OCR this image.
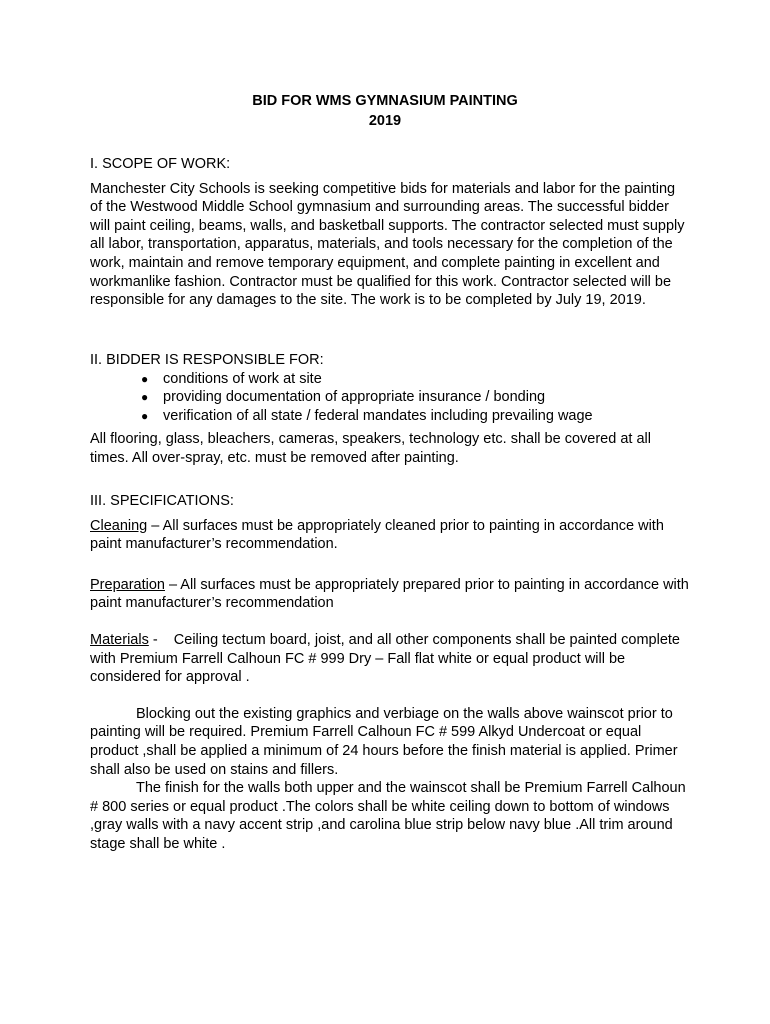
BID FOR WMS GYMNASIUM PAINTING
2019
I. SCOPE OF WORK:

Manchester City Schools is seeking competitive bids for materials and labor for the painting of the Westwood Middle School gymnasium and surrounding areas. The successful bidder will paint ceiling, beams, walls, and basketball supports. The contractor selected must supply all labor, transportation, apparatus, materials, and tools necessary for the completion of the work, maintain and remove temporary equipment, and complete painting in excellent and workmanlike fashion. Contractor must be qualified for this work. Contractor selected will be responsible for any damages to the site. The work is to be completed by July 19, 2019.

II. BIDDER IS RESPONSIBLE FOR:
● conditions of work at site
● providing documentation of appropriate insurance / bonding
● verification of all state / federal mandates including prevailing wage

All flooring, glass, bleachers, cameras, speakers, technology etc. shall be covered at all times. All over-spray, etc. must be removed after painting.

III. SPECIFICATIONS:

Cleaning – All surfaces must be appropriately cleaned prior to painting in accordance with paint manufacturer’s recommendation.

Preparation – All surfaces must be appropriately prepared prior to painting in accordance with paint manufacturer’s recommendation

Materials -    Ceiling tectum board, joist, and all other components shall be painted complete with Premium Farrell Calhoun FC # 999 Dry – Fall flat white or equal product will be considered for approval .

Blocking out the existing graphics and verbiage on the walls above wainscot prior to painting will be required. Premium Farrell Calhoun FC # 599 Alkyd Undercoat or equal product ,shall be applied a minimum of 24 hours before the finish material is applied. Primer shall also be used on stains and fillers.

The finish for the walls both upper and the wainscot shall be Premium Farrell Calhoun # 800 series or equal product .The colors shall be white ceiling down to bottom of windows ,gray walls with a navy accent strip ,and carolina blue strip below navy blue .All trim around stage shall be white .
